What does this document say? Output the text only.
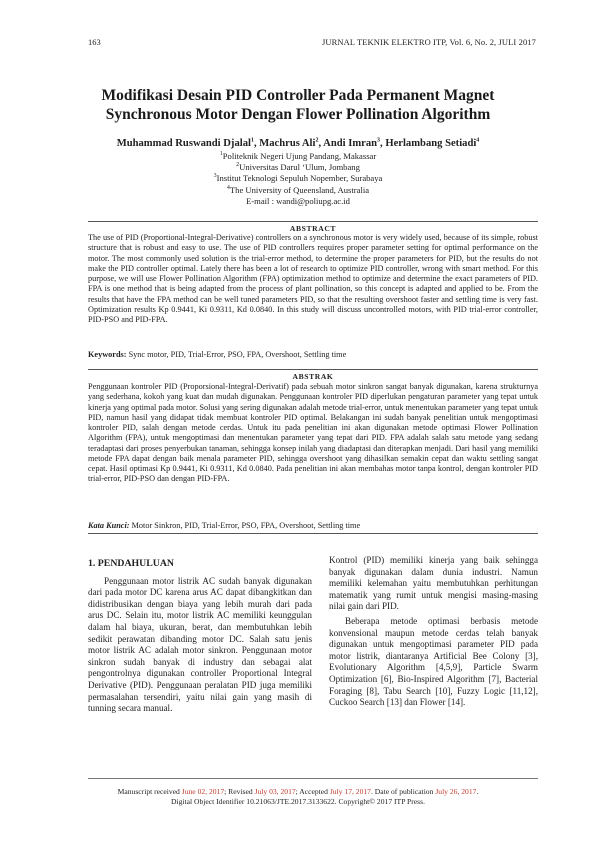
163	JURNAL TEKNIK ELEKTRO ITP, Vol. 6, No. 2, JULI 2017
Modifikasi Desain PID Controller Pada Permanent Magnet
Synchronous Motor Dengan Flower Pollination Algorithm
Muhammad Ruswandi Djalal$^1$, Machrus Ali$^2$, Andi Imran$^3$, Herlambang Setiadi$^4$
$^1$Politeknik Negeri Ujung Pandang, Makassar
$^2$Universitas Darul ‘Ulum, Jombang
$^3$Institut Teknologi Sepuluh Nopember, Surabaya
$^4$The University of Queensland, Australia
E-mail : wandi@poliupg.ac.id
ABSTRACT
The use of PID (Proportional-Integral-Derivative) controllers on a synchronous motor is very widely used, because of its simple, robust structure that is robust and easy to use. The use of PID controllers requires proper parameter setting for optimal performance on the motor. The most commonly used solution is the trial-error method, to determine the proper parameters for PID, but the results do not make the PID controller optimal. Lately there has been a lot of research to optimize PID controller, wrong with smart method. For this purpose, we will use Flower Pollination Algorithm (FPA) optimization method to optimize and determine the exact parameters of PID. FPA is one method that is being adapted from the process of plant pollination, so this concept is adapted and applied to be. From the results that have the FPA method can be well tuned parameters PID, so that the resulting overshoot faster and settling time is very fast. Optimization results Kp 0.9441, Ki 0.9311, Kd 0.0840. In this study will discuss uncontrolled motors, with PID trial-error controller, PID-PSO and PID-FPA.
Keywords: Sync motor, PID, Trial-Error, PSO, FPA, Overshoot, Settling time
ABSTRAK
Penggunaan kontroler PID (Proporsional-Integral-Derivatif) pada sebuah motor sinkron sangat banyak digunakan, karena strukturnya yang sederhana, kokoh yang kuat dan mudah digunakan. Penggunaan kontroler PID diperlukan pengaturan parameter yang tepat untuk kinerja yang optimal pada motor. Solusi yang sering digunakan adalah metode trial-error, untuk menentukan parameter yang tepat untuk PID, namun hasil yang didapat tidak membuat kontroler PID optimal. Belakangan ini sudah banyak penelitian untuk mengoptimasi kontroler PID, salah dengan metode cerdas. Untuk itu pada penelitian ini akan digunakan metode optimasi Flower Pollination Algorithm (FPA), untuk mengoptimasi dan menentukan parameter yang tepat dari PID. FPA adalah salah satu metode yang sedang teradaptasi dari proses penyerbukan tanaman, sehingga konsep inilah yang diadaptasi dan diterapkan menjadi. Dari hasil yang memiliki metode FPA dapat dengan baik menala parameter PID, sehingga overshoot yang dihasilkan semakin cepat dan waktu settling sangat cepat. Hasil optimasi Kp 0.9441, Ki 0.9311, Kd 0.0840. Pada penelitian ini akan membahas motor tanpa kontrol, dengan kontroler PID trial-error, PID-PSO dan dengan PID-FPA.
Kata Kunci: Motor Sinkron, PID, Trial-Error, PSO, FPA, Overshoot, Settling time
1. PENDAHULUAN

Penggunaan motor listrik AC sudah banyak digunakan dari pada motor DC karena arus AC dapat dibangkitkan dan didistribusikan dengan biaya yang lebih murah dari pada arus DC. Selain itu, motor listrik AC memiliki keunggulan dalam hal biaya, ukuran, berat, dan membutuhkan lebih sedikit perawatan dibanding motor DC. Salah satu jenis motor listrik AC adalah motor sinkron. Penggunaan motor sinkron sudah banyak di industry dan sebagai alat pengontrolnya digunakan controller Proportional Integral Derivative (PID). Penggunaan peralatan PID juga memiliki permasalahan tersendiri, yaitu nilai gain yang masih di tunning secara manual.

Kontrol (PID) memiliki kinerja yang baik sehingga banyak digunakan dalam dunia industri. Namun memiliki kelemahan yaitu membutuhkan perhitungan matematik yang rumit untuk mengisi masing-masing nilai gain dari PID.

Beberapa metode optimasi berbasis metode konvensional maupun metode cerdas telah banyak digunakan untuk mengoptimasi parameter PID pada motor listrik, diantaranya Artificial Bee Colony [3], Evolutionary Algorithm [4,5,9], Particle Swarm Optimization [6], Bio-Inspired Algorithm [7], Bacterial Foraging [8], Tabu Search [10], Fuzzy Logic [11,12], Cuckoo Search [13] dan Flower [14].

Manuscript received June 02, 2017; Revised July 03, 2017; Accepted July 17, 2017. Date of publication July 26, 2017.
Digital Object Identifier 10.21063/JTE.2017.3133622. Copyright© 2017 ITP Press.
